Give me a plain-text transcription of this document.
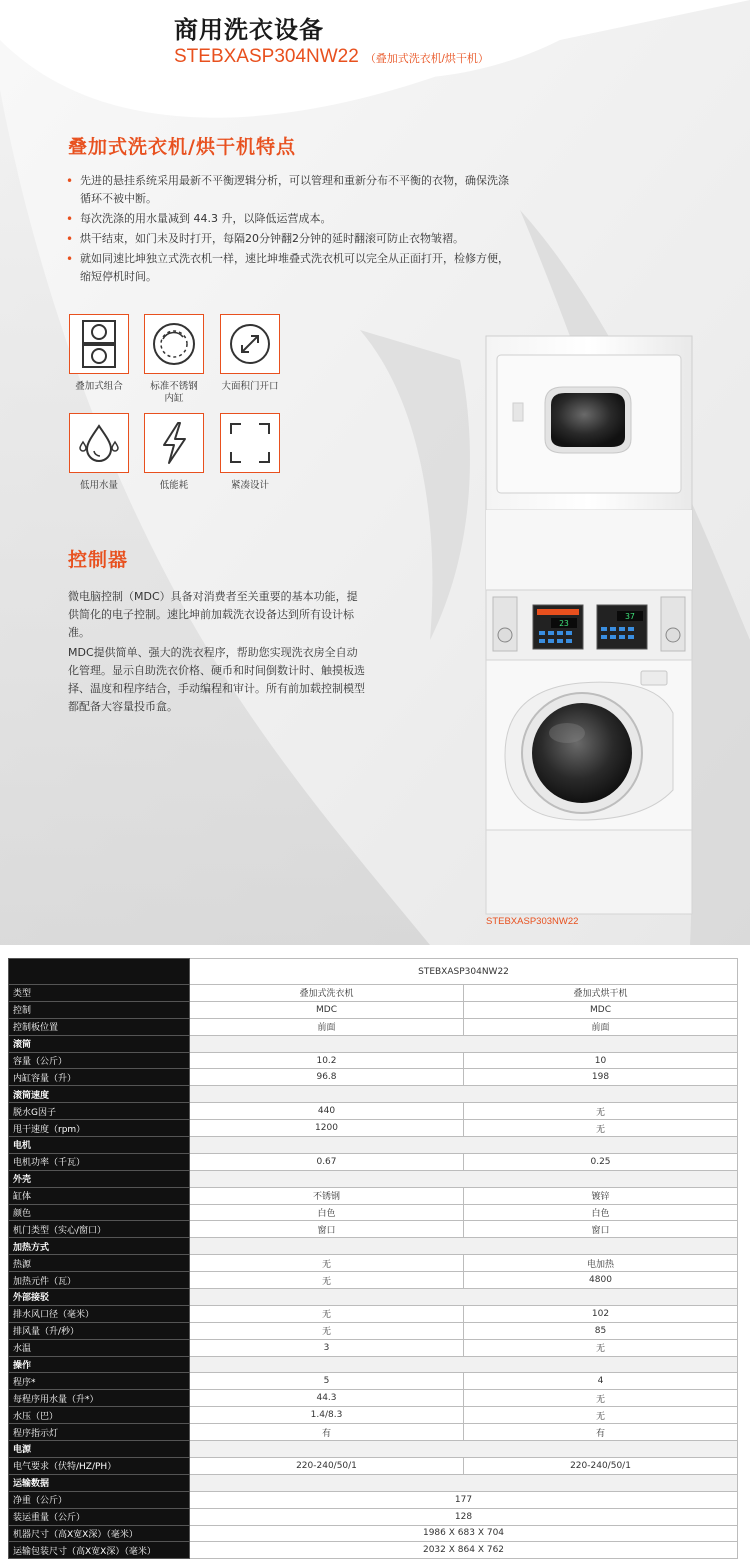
商用洗衣设备
STEBXASP304NW22 （叠加式洗衣机/烘干机）
叠加式洗衣机/烘干机特点
• 先进的悬挂系统采用最新不平衡逻辑分析，可以管理和重新分布不平衡的衣物，确保洗涤循环不被中断。
• 每次洗涤的用水量减到 44.3 升，以降低运营成本。
• 烘干结束，如门未及时打开，每隔20分钟翻2分钟的延时翻滚可防止衣物皱褶。
• 就如同速比坤独立式洗衣机一样，速比坤堆叠式洗衣机可以完全从正面打开，检修方便，缩短停机时间。
叠加式组合	标准不锈钢
内缸
大面积门开口
低用水量	低能耗	紧凑设计
控制器
微电脑控制（MDC）具备对消费者至关重要的基本功能，提供简化的电子控制。速比坤前加载洗衣设备达到所有设计标准。
MDC提供简单、强大的洗衣程序，帮助您实现洗衣房全自动化管理。显示自助洗衣价格、硬币和时间倒数计时、触摸板选择、温度和程序结合，手动编程和审计。所有前加载控制模型都配备大容量投币盒。
23
37
STEBXASP303NW22
	STEBXASP304NW22	
类型	叠加式洗衣机	叠加式烘干机
控制	MDC	MDC
控制板位置	前面	前面
滚筒		
容量（公斤）	10.2	10
内缸容量（升）	96.8	198
滚筒速度		
脱水G因子	440	无
甩干速度（rpm）	1200	无
电机		
电机功率（千瓦）	0.67	0.25
外壳		
缸体	不锈钢	镀锌
颜色	白色	白色
机门类型（实心/窗口）	窗口	窗口
加热方式		
热源	无	电加热
加热元件（瓦）	无	4800
外部接驳		
排水风口径（毫米）	无	102
排风量（升/秒）	无	85
水温	3	无
操作		
程序*	5	4
每程序用水量（升*）	44.3	无
水压（巴）	1.4/8.3	无
程序指示灯	有	有
电源		
电气要求（伏特/HZ/PH）	220-240/50/1	220-240/50/1
运输数据		
净重（公斤）	177	
装运重量（公斤）	128	
机器尺寸（高X宽X深）（毫米）	1986 X 683 X 704	
运输包装尺寸（高X宽X深）（毫米）	2032 X 864 X 762	
